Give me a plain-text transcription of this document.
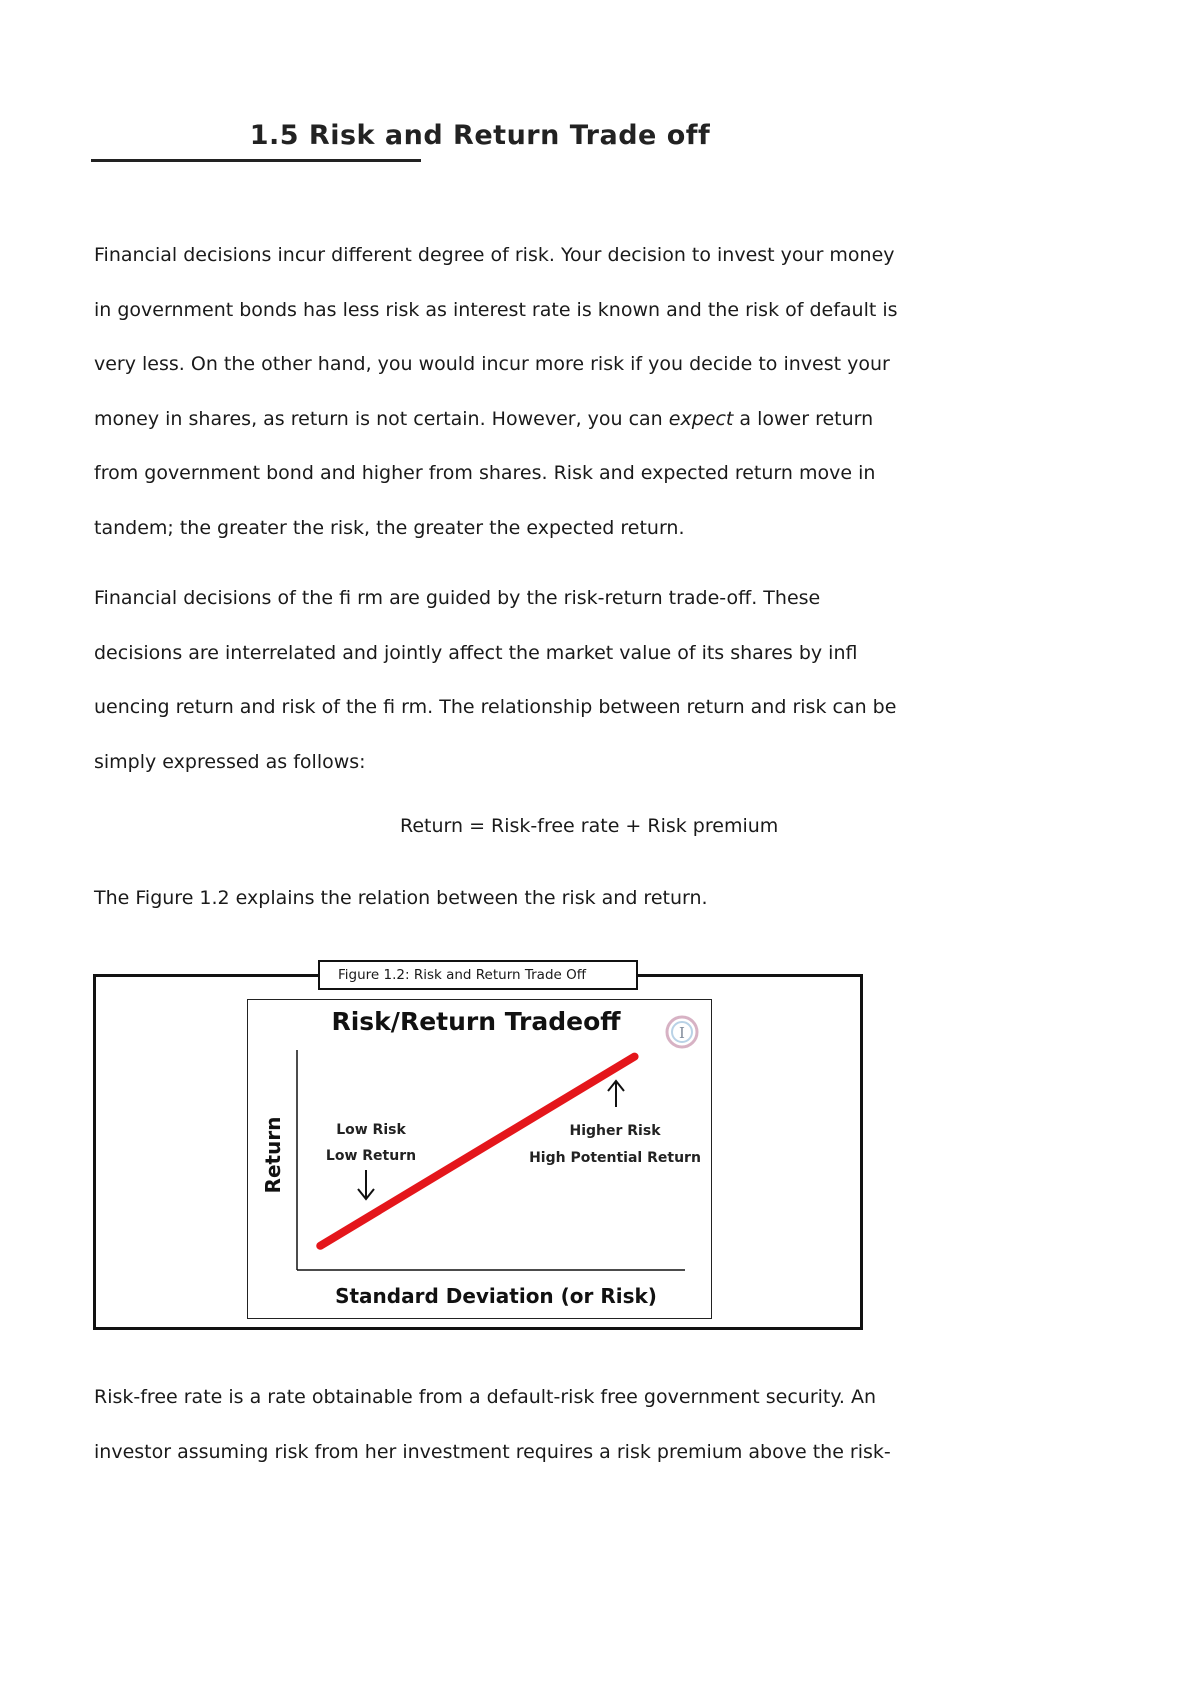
1.5 Risk and Return Trade off

Financial decisions incur different degree of risk. Your decision to invest your money
in government bonds has less risk as interest rate is known and the risk of default is
very less. On the other hand, you would incur more risk if you decide to invest your
money in shares, as return is not certain. However, you can expect a lower return
from government bond and higher from shares. Risk and expected return move in
tandem; the greater the risk, the greater the expected return.

Financial decisions of the fi rm are guided by the risk-return trade-off. These
decisions are interrelated and jointly affect the market value of its shares by infl
uencing return and risk of the fi rm. The relationship between return and risk can be
simply expressed as follows:

Return = Risk-free rate + Risk premium
The Figure 1.2 explains the relation between the risk and return.
Figure 1.2: Risk and Return Trade Off
Risk/Return Tradeoff	I
Return
Standard Deviation (or Risk)
Low Risk
Low Return
Higher Risk
High Potential Return

Risk-free rate is a rate obtainable from a default-risk free government security. An
investor assuming risk from her investment requires a risk premium above the risk-
